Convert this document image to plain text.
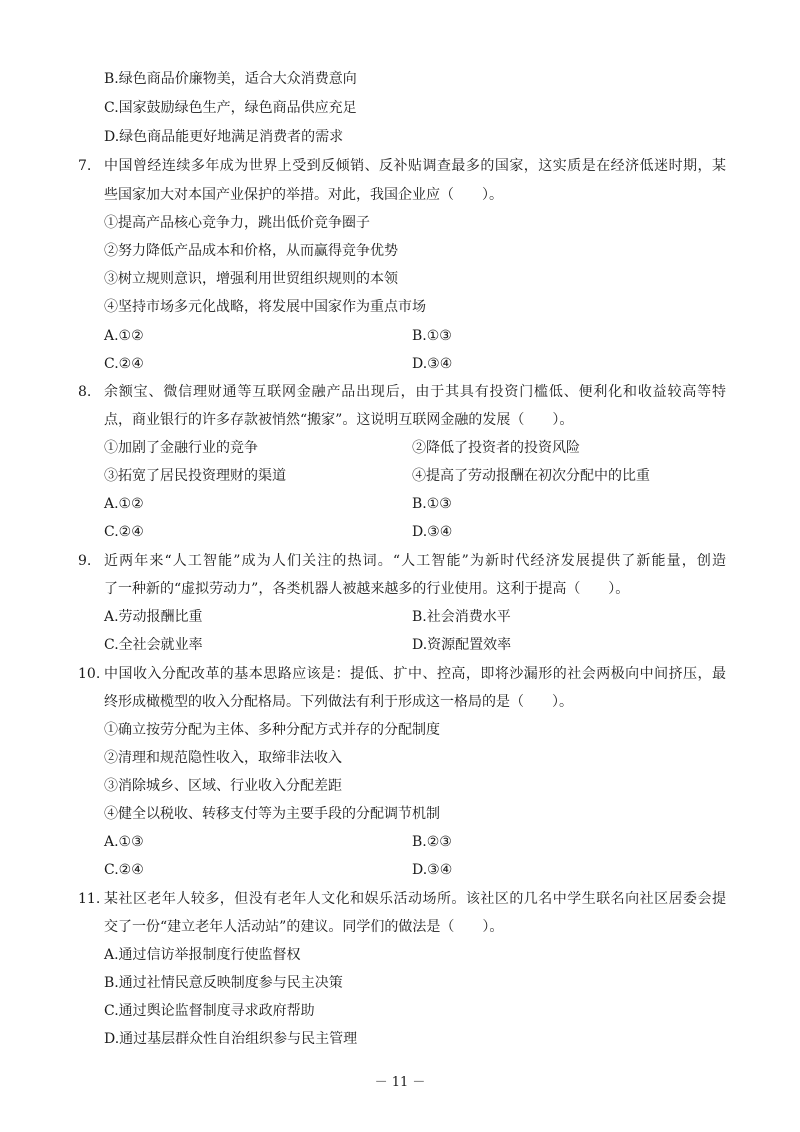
B.绿色商品价廉物美，适合大众消费意向
C.国家鼓励绿色生产，绿色商品供应充足
D.绿色商品能更好地满足消费者的需求
7. 中国曾经连续多年成为世界上受到反倾销、反补贴调查最多的国家，这实质是在经济低迷时期，某
些国家加大对本国产业保护的举措。对此，我国企业应（　　）。
①提高产品核心竞争力，跳出低价竞争圈子
②努力降低产品成本和价格，从而赢得竞争优势
③树立规则意识，增强利用世贸组织规则的本领
④坚持市场多元化战略，将发展中国家作为重点市场
A.①②	B.①③
C.②④	D.③④
8. 余额宝、微信理财通等互联网金融产品出现后，由于其具有投资门槛低、便利化和收益较高等特
点，商业银行的许多存款被悄然“搬家”。这说明互联网金融的发展（　　）。
①加剧了金融行业的竞争	②降低了投资者的投资风险
③拓宽了居民投资理财的渠道	④提高了劳动报酬在初次分配中的比重
A.①②	B.①③
C.②④	D.③④
9. 近两年来“人工智能”成为人们关注的热词。“人工智能”为新时代经济发展提供了新能量，创造
了一种新的“虚拟劳动力”，各类机器人被越来越多的行业使用。这利于提高（　　）。
A.劳动报酬比重	B.社会消费水平
C.全社会就业率	D.资源配置效率
10. 中国收入分配改革的基本思路应该是：提低、扩中、控高，即将沙漏形的社会两极向中间挤压，最
终形成橄榄型的收入分配格局。下列做法有利于形成这一格局的是（　　）。
①确立按劳分配为主体、多种分配方式并存的分配制度
②清理和规范隐性收入，取缔非法收入
③消除城乡、区域、行业收入分配差距
④健全以税收、转移支付等为主要手段的分配调节机制
A.①③	B.②③
C.②④	D.③④
11. 某社区老年人较多，但没有老年人文化和娱乐活动场所。该社区的几名中学生联名向社区居委会提
交了一份“建立老年人活动站”的建议。同学们的做法是（　　）。
A.通过信访举报制度行使监督权
B.通过社情民意反映制度参与民主决策
C.通过舆论监督制度寻求政府帮助
D.通过基层群众性自治组织参与民主管理
－ 11 －
